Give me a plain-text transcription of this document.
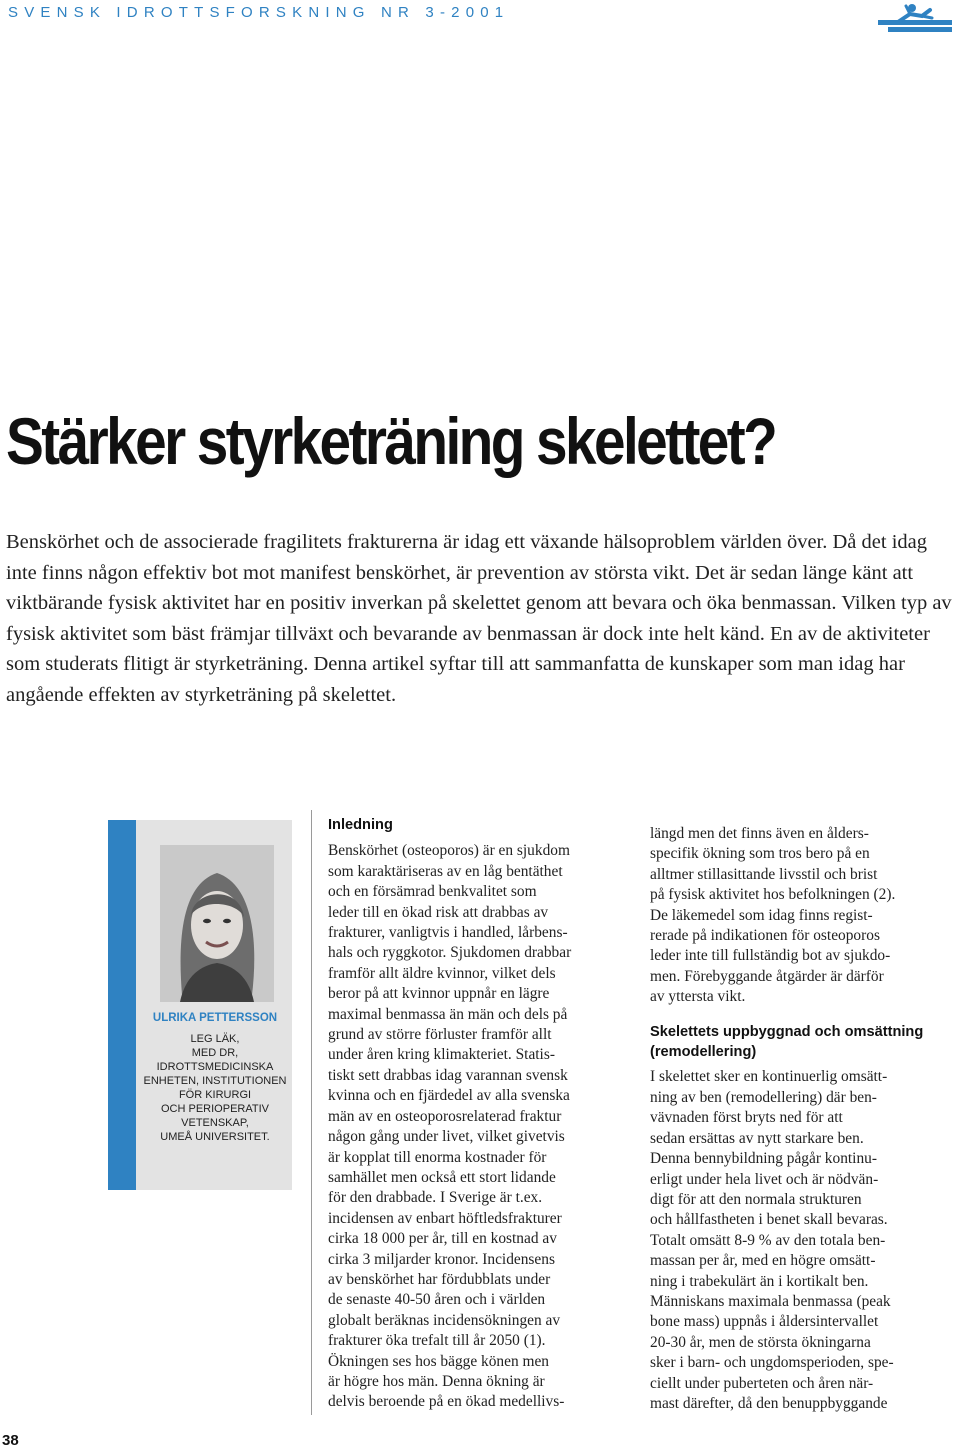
SVENSK IDROTTSFORSKNING NR 3-2001
Stärker styrketräning skelettet?

Benskörhet och de associerade fragilitets frakturerna är idag ett växande hälsoproblem världen över. Då det idag inte finns någon effektiv bot mot manifest benskörhet, är prevention av största vikt. Det är sedan länge känt att viktbärande fysisk aktivitet har en positiv inverkan på skelettet genom att bevara och öka benmassan. Vilken typ av fysisk aktivitet som bäst främjar tillväxt och bevarande av benmassan är dock inte helt känd. En av de aktiviteter som studerats flitigt är styrketräning. Denna artikel syftar till att sammanfatta de kunskaper som man idag har angående effekten av styrketräning på skelettet.

ULRIKA PETTERSSON
LEG LÄK,
MED DR,
IDROTTSMEDICINSKA
ENHETEN, INSTITUTIONEN
FÖR KIRURGI
OCH PERIOPERATIV
VETENSKAP,
UMEÅ UNIVERSITET.

Inledning

Benskörhet (osteoporos) är en sjukdom
som karaktäriseras av en låg bentäthet
och en försämrad benkvalitet som
leder till en ökad risk att drabbas av
frakturer, vanligtvis i handled, lårbens-
hals och ryggkotor. Sjukdomen drabbar
framför allt äldre kvinnor, vilket dels
beror på att kvinnor uppnår en lägre
maximal benmassa än män och dels på
grund av större förluster framför allt
under åren kring klimakteriet. Statis-
tiskt sett drabbas idag varannan svensk
kvinna och en fjärdedel av alla svenska
män av en osteoporosrelaterad fraktur
någon gång under livet, vilket givetvis
är kopplat till enorma kostnader för
samhället men också ett stort lidande
för den drabbade. I Sverige är t.ex.
incidensen av enbart höftledsfrakturer
cirka 18 000 per år, till en kostnad av
cirka 3 miljarder kronor. Incidensens
av benskörhet har fördubblats under
de senaste 40-50 åren och i världen
globalt beräknas incidensökningen av
frakturer öka trefalt till år 2050 (1).
Ökningen ses hos bägge könen men
är högre hos män. Denna ökning är
delvis beroende på en ökad medellivs-
längd men det finns även en ålders-
specifik ökning som tros bero på en
alltmer stillasittande livsstil och brist
på fysisk aktivitet hos befolkningen (2).
De läkemedel som idag finns regist-
rerade på indikationen för osteoporos
leder inte till fullständig bot av sjukdo-
men. Förebyggande åtgärder är därför
av yttersta vikt.

Skelettets uppbyggnad och omsättning (remodellering)

I skelettet sker en kontinuerlig omsätt-
ning av ben (remodellering) där ben-
vävnaden först bryts ned för att
sedan ersättas av nytt starkare ben.
Denna bennybildning pågår kontinu-
erligt under hela livet och är nödvän-
digt för att den normala strukturen
och hållfastheten i benet skall bevaras.
Totalt omsätt 8-9 % av den totala ben-
massan per år, med en högre omsätt-
ning i trabekulärt än i kortikalt ben.
Människans maximala benmassa (peak
bone mass) uppnås i åldersintervallet
20-30 år, men de största ökningarna
sker i barn- och ungdomsperioden, spe-
ciellt under puberteten och åren när-
mast därefter, då den benuppbyggande
38
